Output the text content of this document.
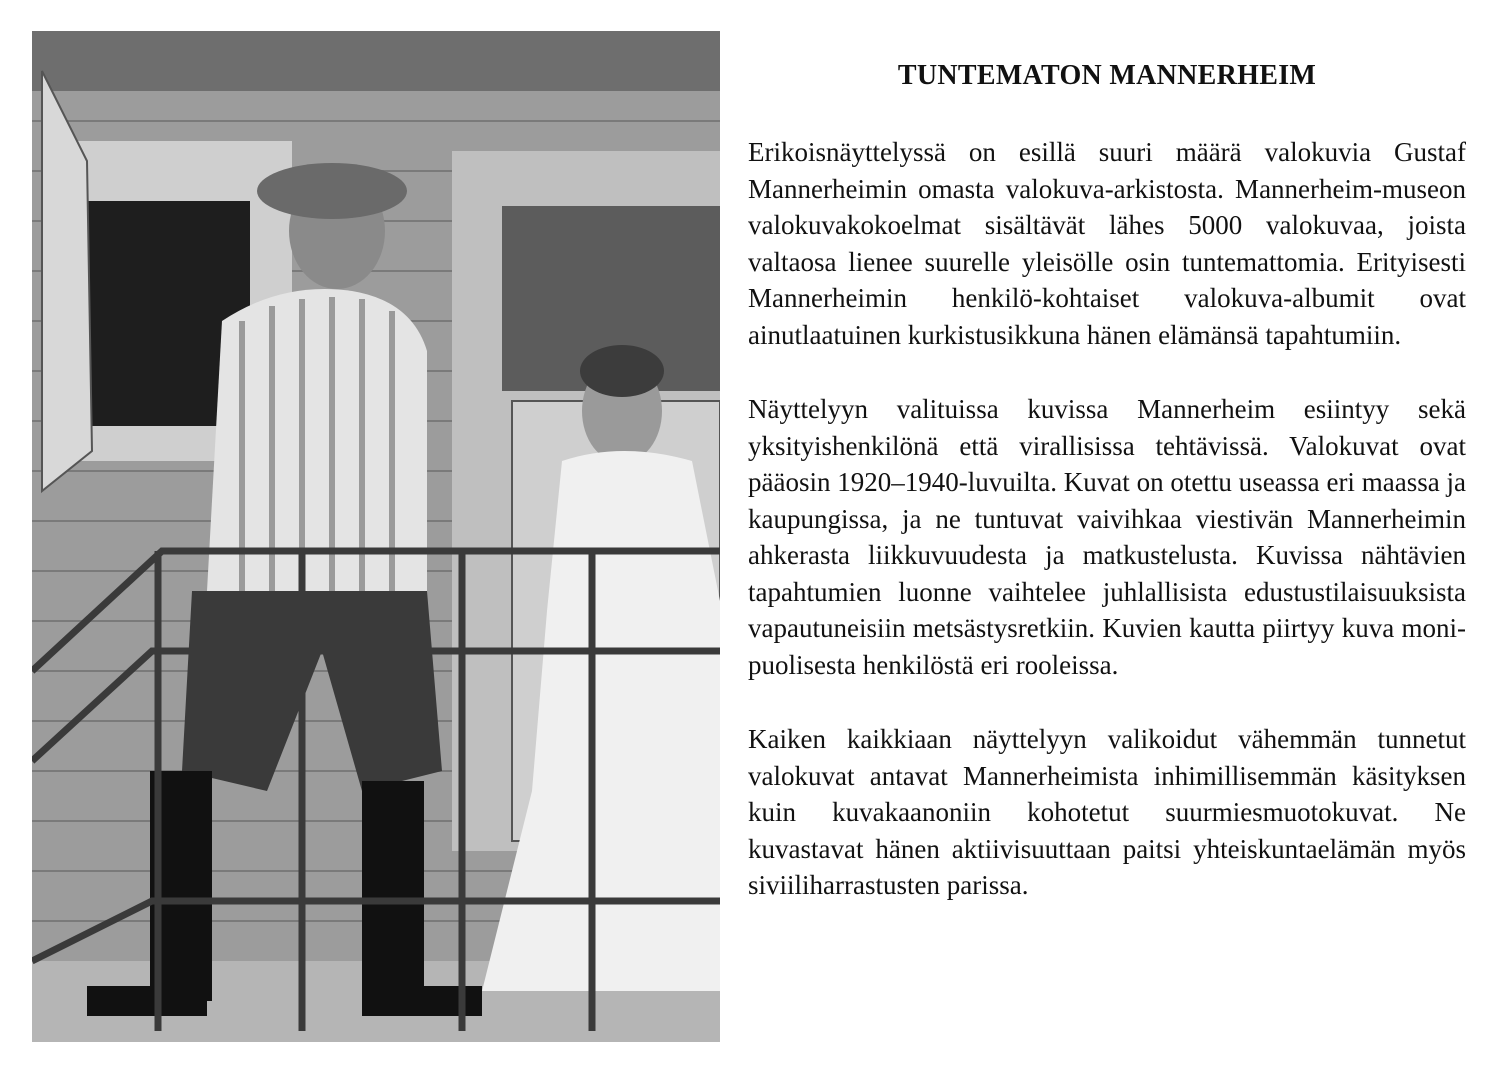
TUNTEMATON MANNERHEIM

Erikoisnäyttelyssä on esillä suuri määrä valokuvia Gustaf Mannerheimin omasta valokuva-arkistosta. Mannerheim-museon valokuvakokoelmat sisältävät lähes 5000 valokuvaa, joista valtaosa lienee suurelle yleisölle osin tuntemattomia. Erityisesti Mannerheimin henkilö-kohtaiset valokuva-albumit ovat ainutlaatuinen kurkistusikkuna hänen elämänsä tapahtumiin.

Näyttelyyn valituissa kuvissa Mannerheim esiintyy sekä yksityishenkilönä että virallisissa tehtävissä. Valokuvat ovat pääosin 1920–1940-luvuilta. Kuvat on otettu useassa eri maassa ja kaupungissa, ja ne tuntuvat vaivihkaa viestivän Mannerheimin ahkerasta liikkuvuudesta ja matkustelusta. Kuvissa nähtävien tapahtumien luonne vaihtelee juhlallisista edustustilaisuuksista vapautuneisiin metsästysretkiin. Kuvien kautta piirtyy kuva moni-puolisesta henkilöstä eri rooleissa.

Kaiken kaikkiaan näyttelyyn valikoidut vähemmän tunnetut valokuvat antavat Mannerheimista inhimillisemmän käsityksen kuin kuvakaanoniin kohotetut suurmiesmuotokuvat. Ne kuvastavat hänen aktiivisuuttaan paitsi yhteiskuntaelämän myös siviiliharrastusten parissa.
